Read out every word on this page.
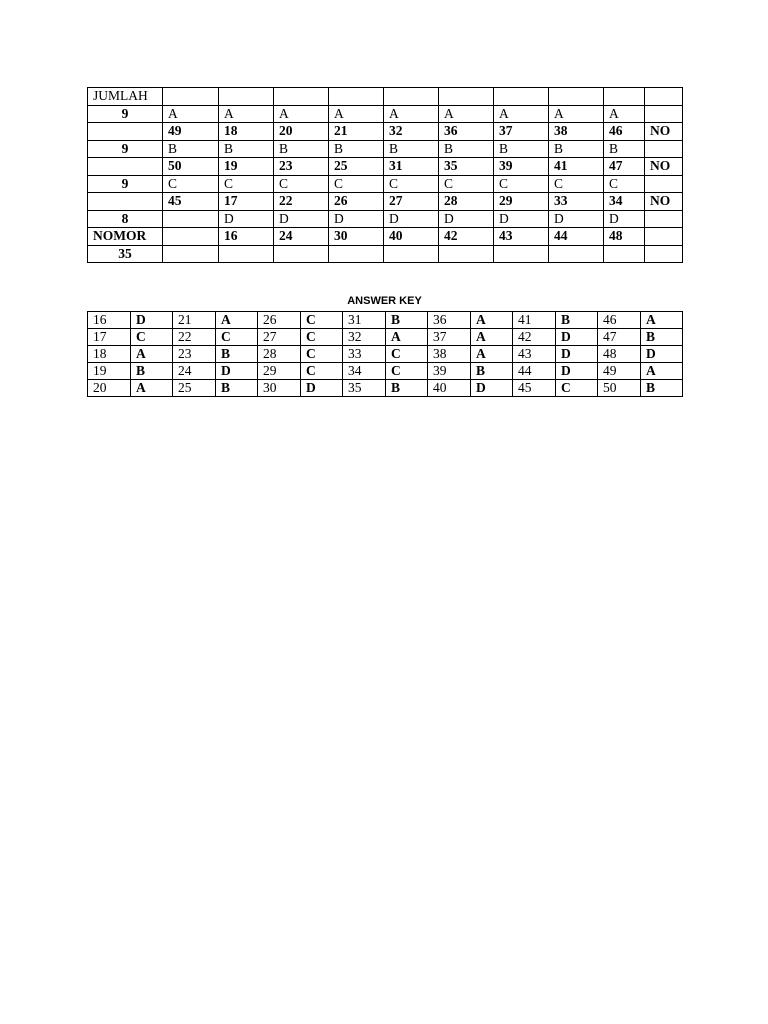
JUMLAH										
9	A	A	A	A	A	A	A	A	A	
	49	18	20	21	32	36	37	38	46	NO
9	B	B	B	B	B	B	B	B	B	
	50	19	23	25	31	35	39	41	47	NO
9	C	C	C	C	C	C	C	C	C	
	45	17	22	26	27	28	29	33	34	NO
8		D	D	D	D	D	D	D	D	
NOMOR		16	24	30	40	42	43	44	48	
35										
ANSWER KEY
16	D	21	A	26	C	31	B	36	A	41	B	46	A
17	C	22	C	27	C	32	A	37	A	42	D	47	B
18	A	23	B	28	C	33	C	38	A	43	D	48	D
19	B	24	D	29	C	34	C	39	B	44	D	49	A
20	A	25	B	30	D	35	B	40	D	45	C	50	B
